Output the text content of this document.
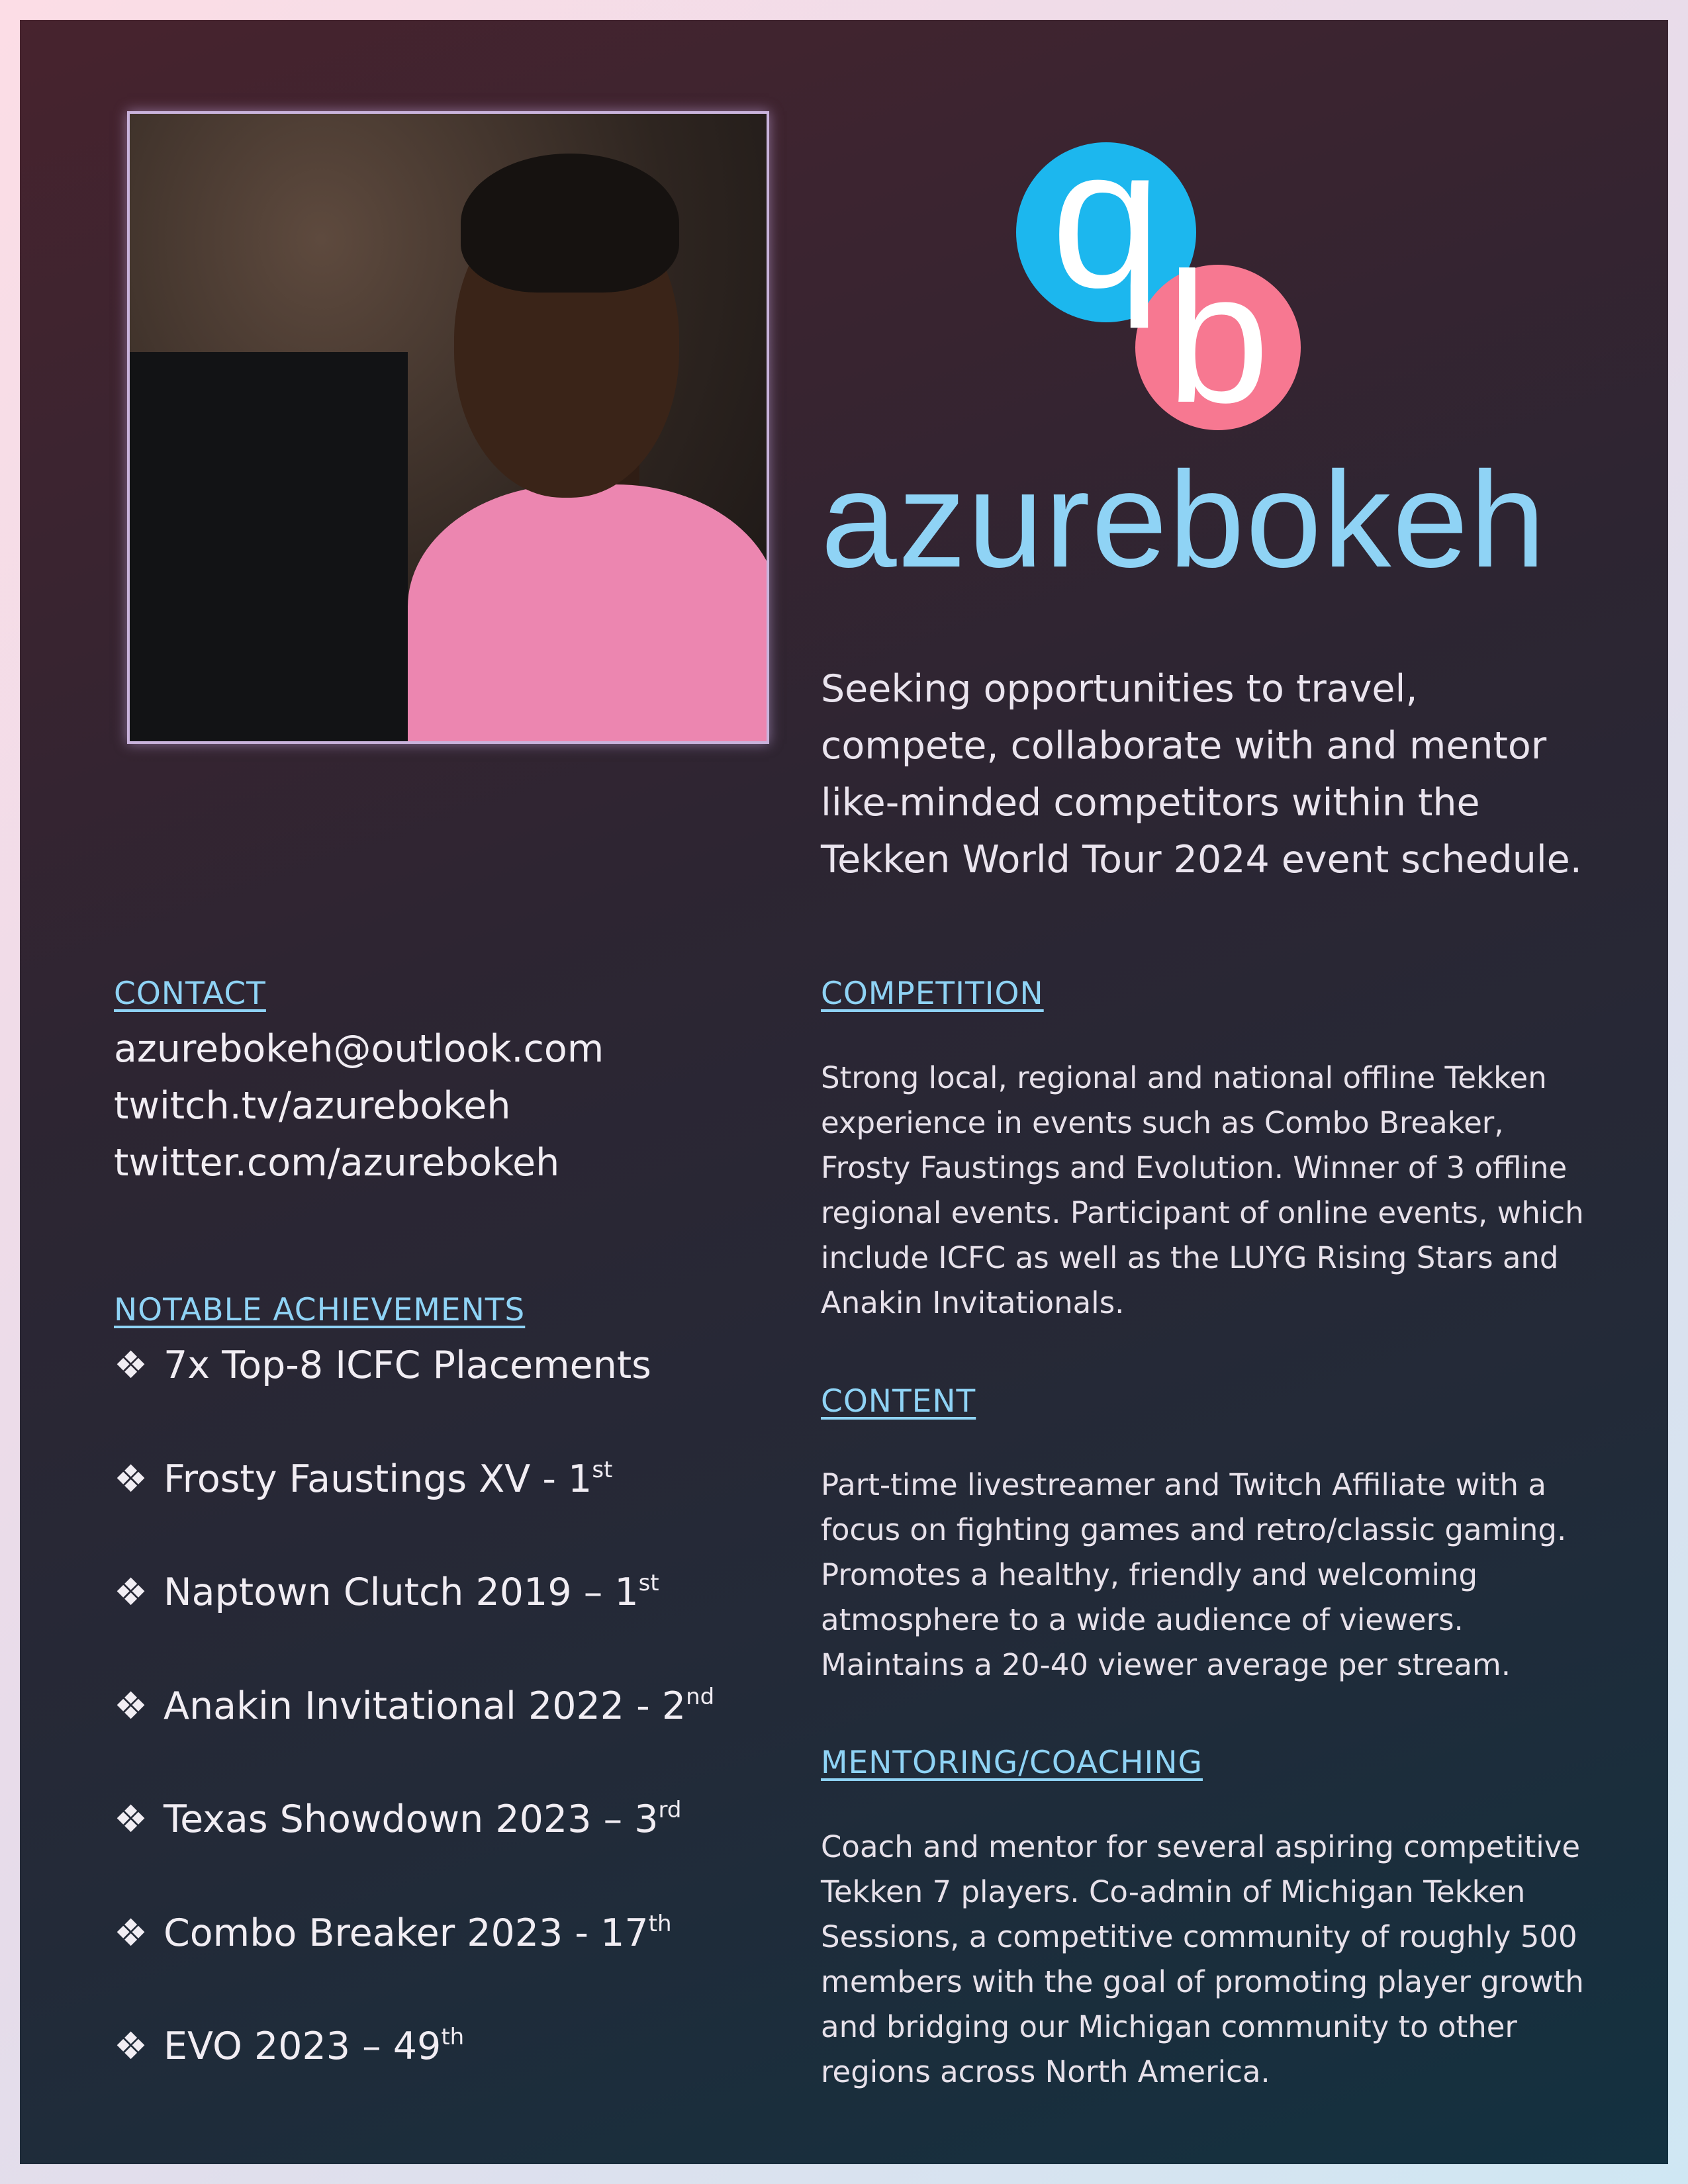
q
b
azurebokeh
Seeking opportunities to travel,
compete, collaborate with and mentor
like-minded competitors within the
Tekken World Tour 2024 event schedule.
CONTACT
azurebokeh@outlook.com
twitch.tv/azurebokeh
twitter.com/azurebokeh
NOTABLE ACHIEVEMENTS
❖ 7x Top-8 ICFC Placements
❖ Frosty Faustings XV - 1st
❖ Naptown Clutch 2019 – 1st
❖ Anakin Invitational 2022 - 2nd
❖ Texas Showdown 2023 – 3rd
❖ Combo Breaker 2023 - 17th
❖ EVO 2023 – 49th
COMPETITION
Strong local, regional and national offline Tekken
experience in events such as Combo Breaker,
Frosty Faustings and Evolution. Winner of 3 offline
regional events. Participant of online events, which
include ICFC as well as the LUYG Rising Stars and
Anakin Invitationals.
CONTENT
Part-time livestreamer and Twitch Affiliate with a
focus on fighting games and retro/classic gaming.
Promotes a healthy, friendly and welcoming
atmosphere to a wide audience of viewers.
Maintains a 20-40 viewer average per stream.
MENTORING/COACHING
Coach and mentor for several aspiring competitive
Tekken 7 players. Co-admin of Michigan Tekken
Sessions, a competitive community of roughly 500
members with the goal of promoting player growth
and bridging our Michigan community to other
regions across North America.
